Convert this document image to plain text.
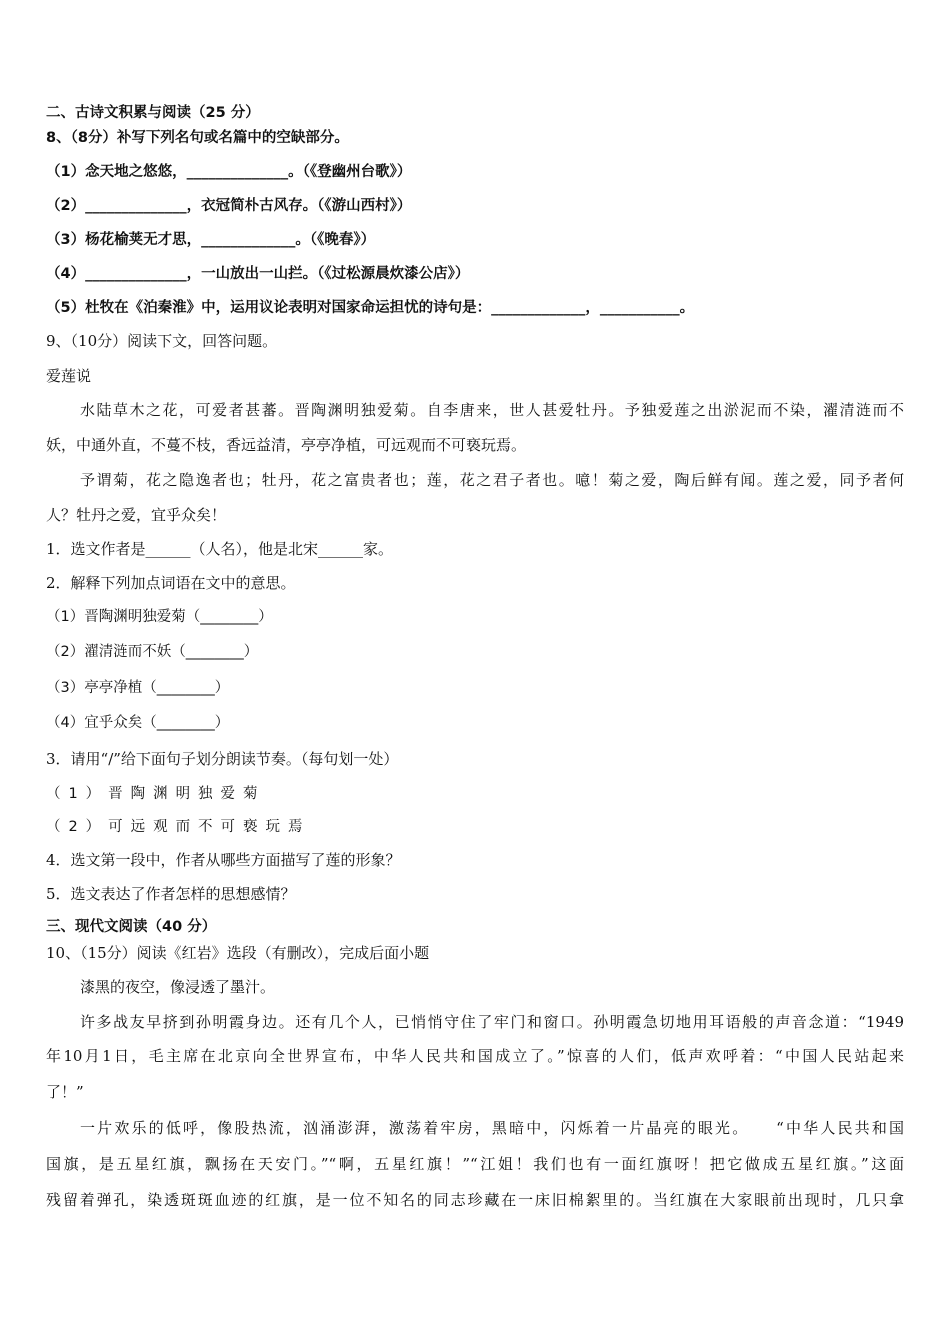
二、古诗文积累与阅读（25 分）
8、（8分）补写下列名句或名篇中的空缺部分。
（1）念天地之悠悠，______________。（《登幽州台歌》）
（2）______________，衣冠简朴古风存。（《游山西村》）
（3）杨花榆荚无才思，_____________。（《晚春》）
（4）______________，一山放出一山拦。（《过松源晨炊漆公店》）
（5）杜牧在《泊秦淮》中，运用议论表明对国家命运担忧的诗句是：_____________，___________。
9、（10分）阅读下文，回答问题。
爱莲说
水陆草木之花，可爱者甚蕃。晋陶渊明独爱菊。自李唐来，世人甚爱牡丹。予独爱莲之出淤泥而不染，濯清涟而不
妖，中通外直，不蔓不枝，香远益清，亭亭净植，可远观而不可亵玩焉。
予谓菊，花之隐逸者也；牡丹，花之富贵者也；莲，花之君子者也。噫！菊之爱，陶后鲜有闻。莲之爱，同予者何
人？牡丹之爱，宜乎众矣！
1．选文作者是______（人名），他是北宋______家。
2．解释下列加点词语在文中的意思。
（1）晋陶渊明独爱菊（________）
（2）濯清涟而不妖（________）
（3）亭亭净植（________）
（4）宜乎众矣（________）
3．请用“/”给下面句子划分朗读节奏。（每句划一处）
（1）晋陶渊明独爱菊
（2）可远观而不可亵玩焉
4．选文第一段中，作者从哪些方面描写了莲的形象？
5．选文表达了作者怎样的思想感情？
三、现代文阅读（40 分）
10、（15分）阅读《红岩》选段（有删改），完成后面小题
漆黑的夜空，像浸透了墨汁。
许多战友早挤到孙明霞身边。还有几个人，已悄悄守住了牢门和窗口。孙明霞急切地用耳语般的声音念道：“1949
年10月1日，毛主席在北京向全世界宣布，中华人民共和国成立了。”惊喜的人们，低声欢呼着：“中国人民站起来
了！”
一片欢乐的低呼，像股热流，汹涌澎湃，激荡着牢房，黑暗中，闪烁着一片晶亮的眼光。　　“中华人民共和国
国旗，是五星红旗，飘扬在天安门。”“啊，五星红旗！”“江姐！我们也有一面红旗呀！把它做成五星红旗。”这面
残留着弹孔，染透斑斑血迹的红旗，是一位不知名的同志珍藏在一床旧棉絮里的。当红旗在大家眼前出现时，几只拿
